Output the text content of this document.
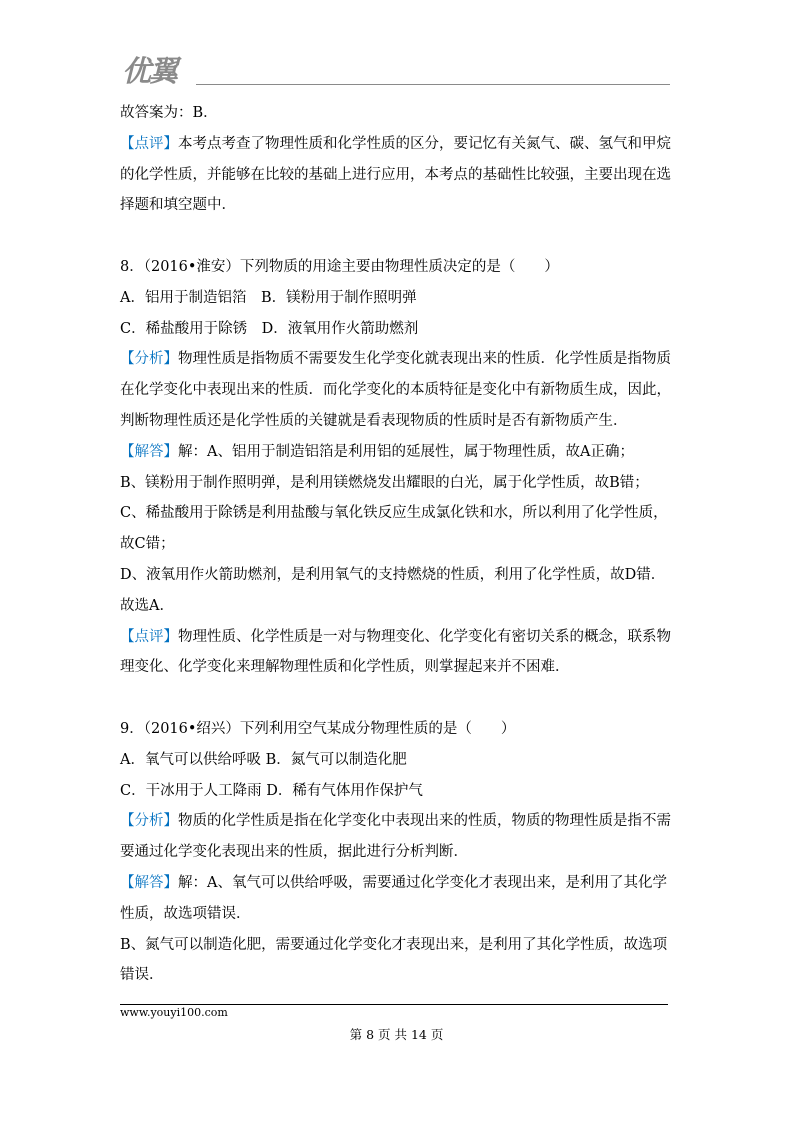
优翼

故答案为：B．

【点评】本考点考查了物理性质和化学性质的区分，要记忆有关氮气、碳、氢气和甲烷的化学性质，并能够在比较的基础上进行应用，本考点的基础性比较强，主要出现在选择题和填空题中．

8．（2016•淮安）下列物质的用途主要由物理性质决定的是（　　）

A．铝用于制造铝箔　B．镁粉用于制作照明弹

C．稀盐酸用于除锈　D．液氧用作火箭助燃剂

【分析】物理性质是指物质不需要发生化学变化就表现出来的性质．化学性质是指物质在化学变化中表现出来的性质．而化学变化的本质特征是变化中有新物质生成，因此，判断物理性质还是化学性质的关键就是看表现物质的性质时是否有新物质产生．

【解答】解：A、铝用于制造铝箔是利用铝的延展性，属于物理性质，故A正确；

B、镁粉用于制作照明弹，是利用镁燃烧发出耀眼的白光，属于化学性质，故B错；

C、稀盐酸用于除锈是利用盐酸与氧化铁反应生成氯化铁和水，所以利用了化学性质，故C错；

D、液氧用作火箭助燃剂，是利用氧气的支持燃烧的性质，利用了化学性质，故D错．

故选A．

【点评】物理性质、化学性质是一对与物理变化、化学变化有密切关系的概念，联系物理变化、化学变化来理解物理性质和化学性质，则掌握起来并不困难．

9．（2016•绍兴）下列利用空气某成分物理性质的是（　　）

A．氧气可以供给呼吸 B．氮气可以制造化肥

C．干冰用于人工降雨 D．稀有气体用作保护气

【分析】物质的化学性质是指在化学变化中表现出来的性质，物质的物理性质是指不需要通过化学变化表现出来的性质，据此进行分析判断．

【解答】解：A、氧气可以供给呼吸，需要通过化学变化才表现出来，是利用了其化学性质，故选项错误．

B、氮气可以制造化肥，需要通过化学变化才表现出来，是利用了其化学性质，故选项错误．

www.youyi100.com
第 8 页 共 14 页
